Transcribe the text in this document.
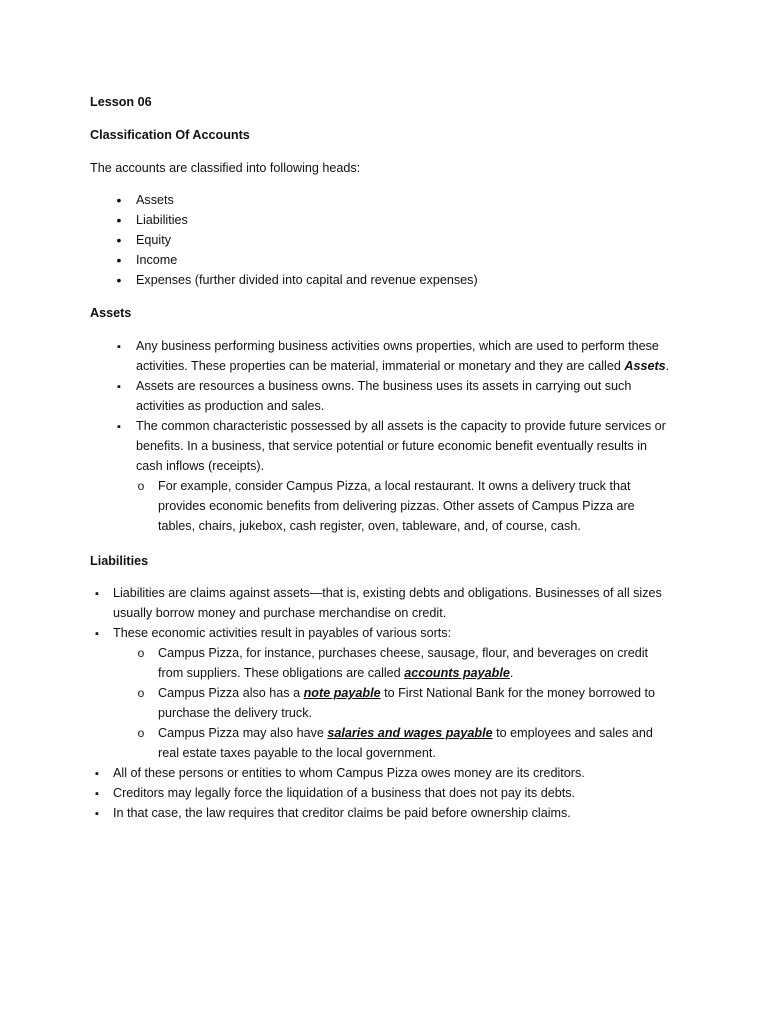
Lesson 06

Classification Of Accounts

The accounts are classified into following heads:

•
Assets
•
Liabilities
•
Equity
•
Income
•
Expenses (further divided into capital and revenue expenses)

Assets

▪
Any business performing business activities owns properties, which are used to perform these activities. These properties can be material, immaterial or monetary and they are called Assets.
▪
Assets are resources a business owns. The business uses its assets in carrying out such activities as production and sales.
▪
The common characteristic possessed by all assets is the capacity to provide future services or benefits. In a business, that service potential or future economic benefit eventually results in cash inflows (receipts).
o
For example, consider Campus Pizza, a local restaurant. It owns a delivery truck that provides economic benefits from delivering pizzas. Other assets of Campus Pizza are tables, chairs, jukebox, cash register, oven, tableware, and, of course, cash.

Liabilities

▪
Liabilities are claims against assets—that is, existing debts and obligations. Businesses of all sizes usually borrow money and purchase merchandise on credit.
▪
These economic activities result in payables of various sorts:
o
Campus Pizza, for instance, purchases cheese, sausage, flour, and beverages on credit from suppliers. These obligations are called accounts payable.
o
Campus Pizza also has a note payable to First National Bank for the money borrowed to purchase the delivery truck.
o
Campus Pizza may also have salaries and wages payable to employees and sales and real estate taxes payable to the local government.
▪
All of these persons or entities to whom Campus Pizza owes money are its creditors.
▪
Creditors may legally force the liquidation of a business that does not pay its debts.
▪
In that case, the law requires that creditor claims be paid before ownership claims.
